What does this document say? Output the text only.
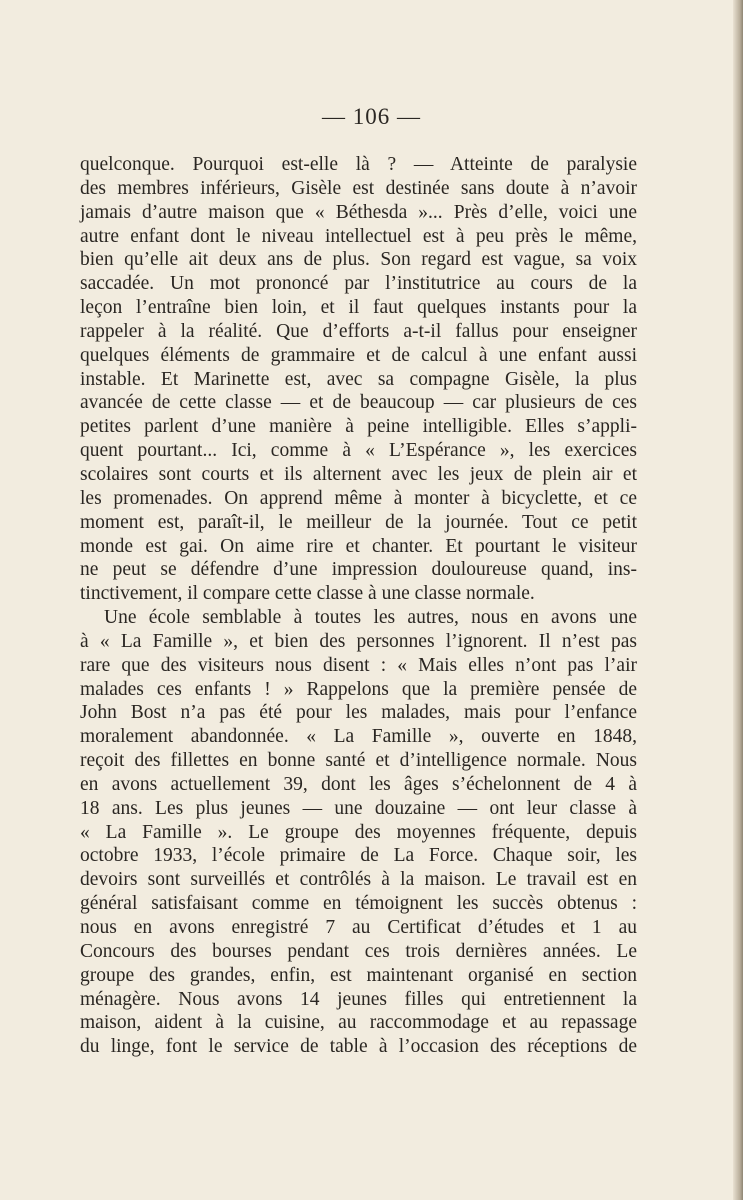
— 106 —
quelconque. Pourquoi est-elle là ? — Atteinte de paralysie
des membres inférieurs, Gisèle est destinée sans doute à n’avoir
jamais d’autre maison que « Béthesda »... Près d’elle, voici une
autre enfant dont le niveau intellectuel est à peu près le même,
bien qu’elle ait deux ans de plus. Son regard est vague, sa voix
saccadée. Un mot prononcé par l’institutrice au cours de la
leçon l’entraîne bien loin, et il faut quelques instants pour la
rappeler à la réalité. Que d’efforts a-t-il fallus pour enseigner
quelques éléments de grammaire et de calcul à une enfant aussi
instable. Et Marinette est, avec sa compagne Gisèle, la plus
avancée de cette classe — et de beaucoup — car plusieurs de ces
petites parlent d’une manière à peine intelligible. Elles s’appli-
quent pourtant... Ici, comme à « L’Espérance », les exercices
scolaires sont courts et ils alternent avec les jeux de plein air et
les promenades. On apprend même à monter à bicyclette, et ce
moment est, paraît-il, le meilleur de la journée. Tout ce petit
monde est gai. On aime rire et chanter. Et pourtant le visiteur
ne peut se défendre d’une impression douloureuse quand, ins-
tinctivement, il compare cette classe à une classe normale.
Une école semblable à toutes les autres, nous en avons une
à « La Famille », et bien des personnes l’ignorent. Il n’est pas
rare que des visiteurs nous disent : « Mais elles n’ont pas l’air
malades ces enfants ! » Rappelons que la première pensée de
John Bost n’a pas été pour les malades, mais pour l’enfance
moralement abandonnée. « La Famille », ouverte en 1848,
reçoit des fillettes en bonne santé et d’intelligence normale. Nous
en avons actuellement 39, dont les âges s’échelonnent de 4 à
18 ans. Les plus jeunes — une douzaine — ont leur classe à
« La Famille ». Le groupe des moyennes fréquente, depuis
octobre 1933, l’école primaire de La Force. Chaque soir, les
devoirs sont surveillés et contrôlés à la maison. Le travail est en
général satisfaisant comme en témoignent les succès obtenus :
nous en avons enregistré 7 au Certificat d’études et 1 au
Concours des bourses pendant ces trois dernières années. Le
groupe des grandes, enfin, est maintenant organisé en section
ménagère. Nous avons 14 jeunes filles qui entretiennent la
maison, aident à la cuisine, au raccommodage et au repassage
du linge, font le service de table à l’occasion des réceptions de
